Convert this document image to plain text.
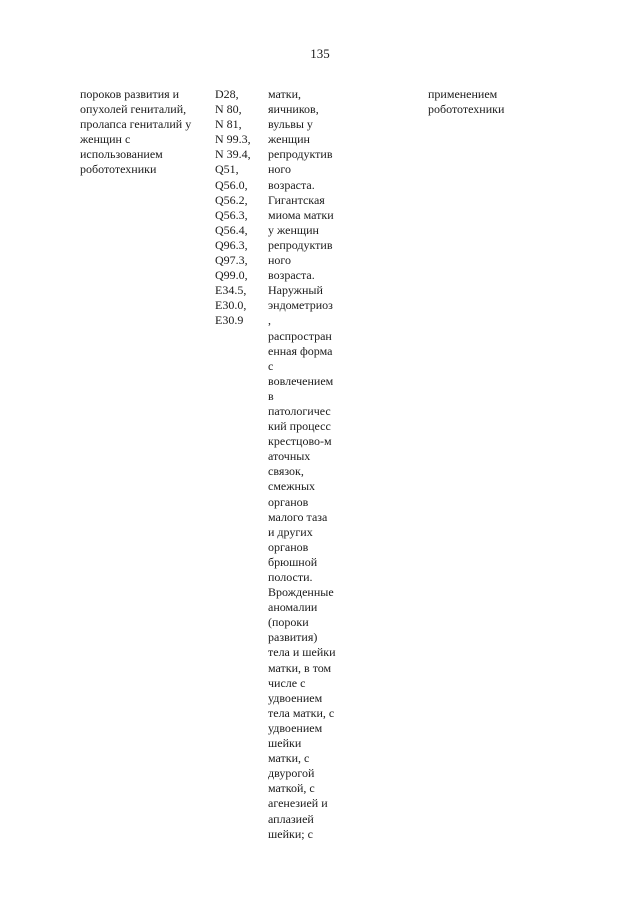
135
пороков развития и
опухолей гениталий,
пролапса гениталий у
женщин с
использованием
робототехники
D28,
N 80,
N 81,
N 99.3,
N 39.4,
Q51,
Q56.0,
Q56.2,
Q56.3,
Q56.4,
Q96.3,
Q97.3,
Q99.0,
E34.5,
E30.0,
E30.9
матки,
яичников,
вульвы у
женщин
репродуктив
ного
возраста.
Гигантская
миома матки
у женщин
репродуктив
ного
возраста.
Наружный
эндометриоз
,
распростран
енная форма
с
вовлечением
в
патологичес
кий процесс
крестцово-м
аточных
связок,
смежных
органов
малого таза
и других
органов
брюшной
полости.
Врожденные
аномалии
(пороки
развития)
тела и шейки
матки, в том
числе с
удвоением
тела матки, с
удвоением
шейки
матки, с
двурогой
маткой, с
агенезией и
аплазией
шейки; с
применением
робототехники
